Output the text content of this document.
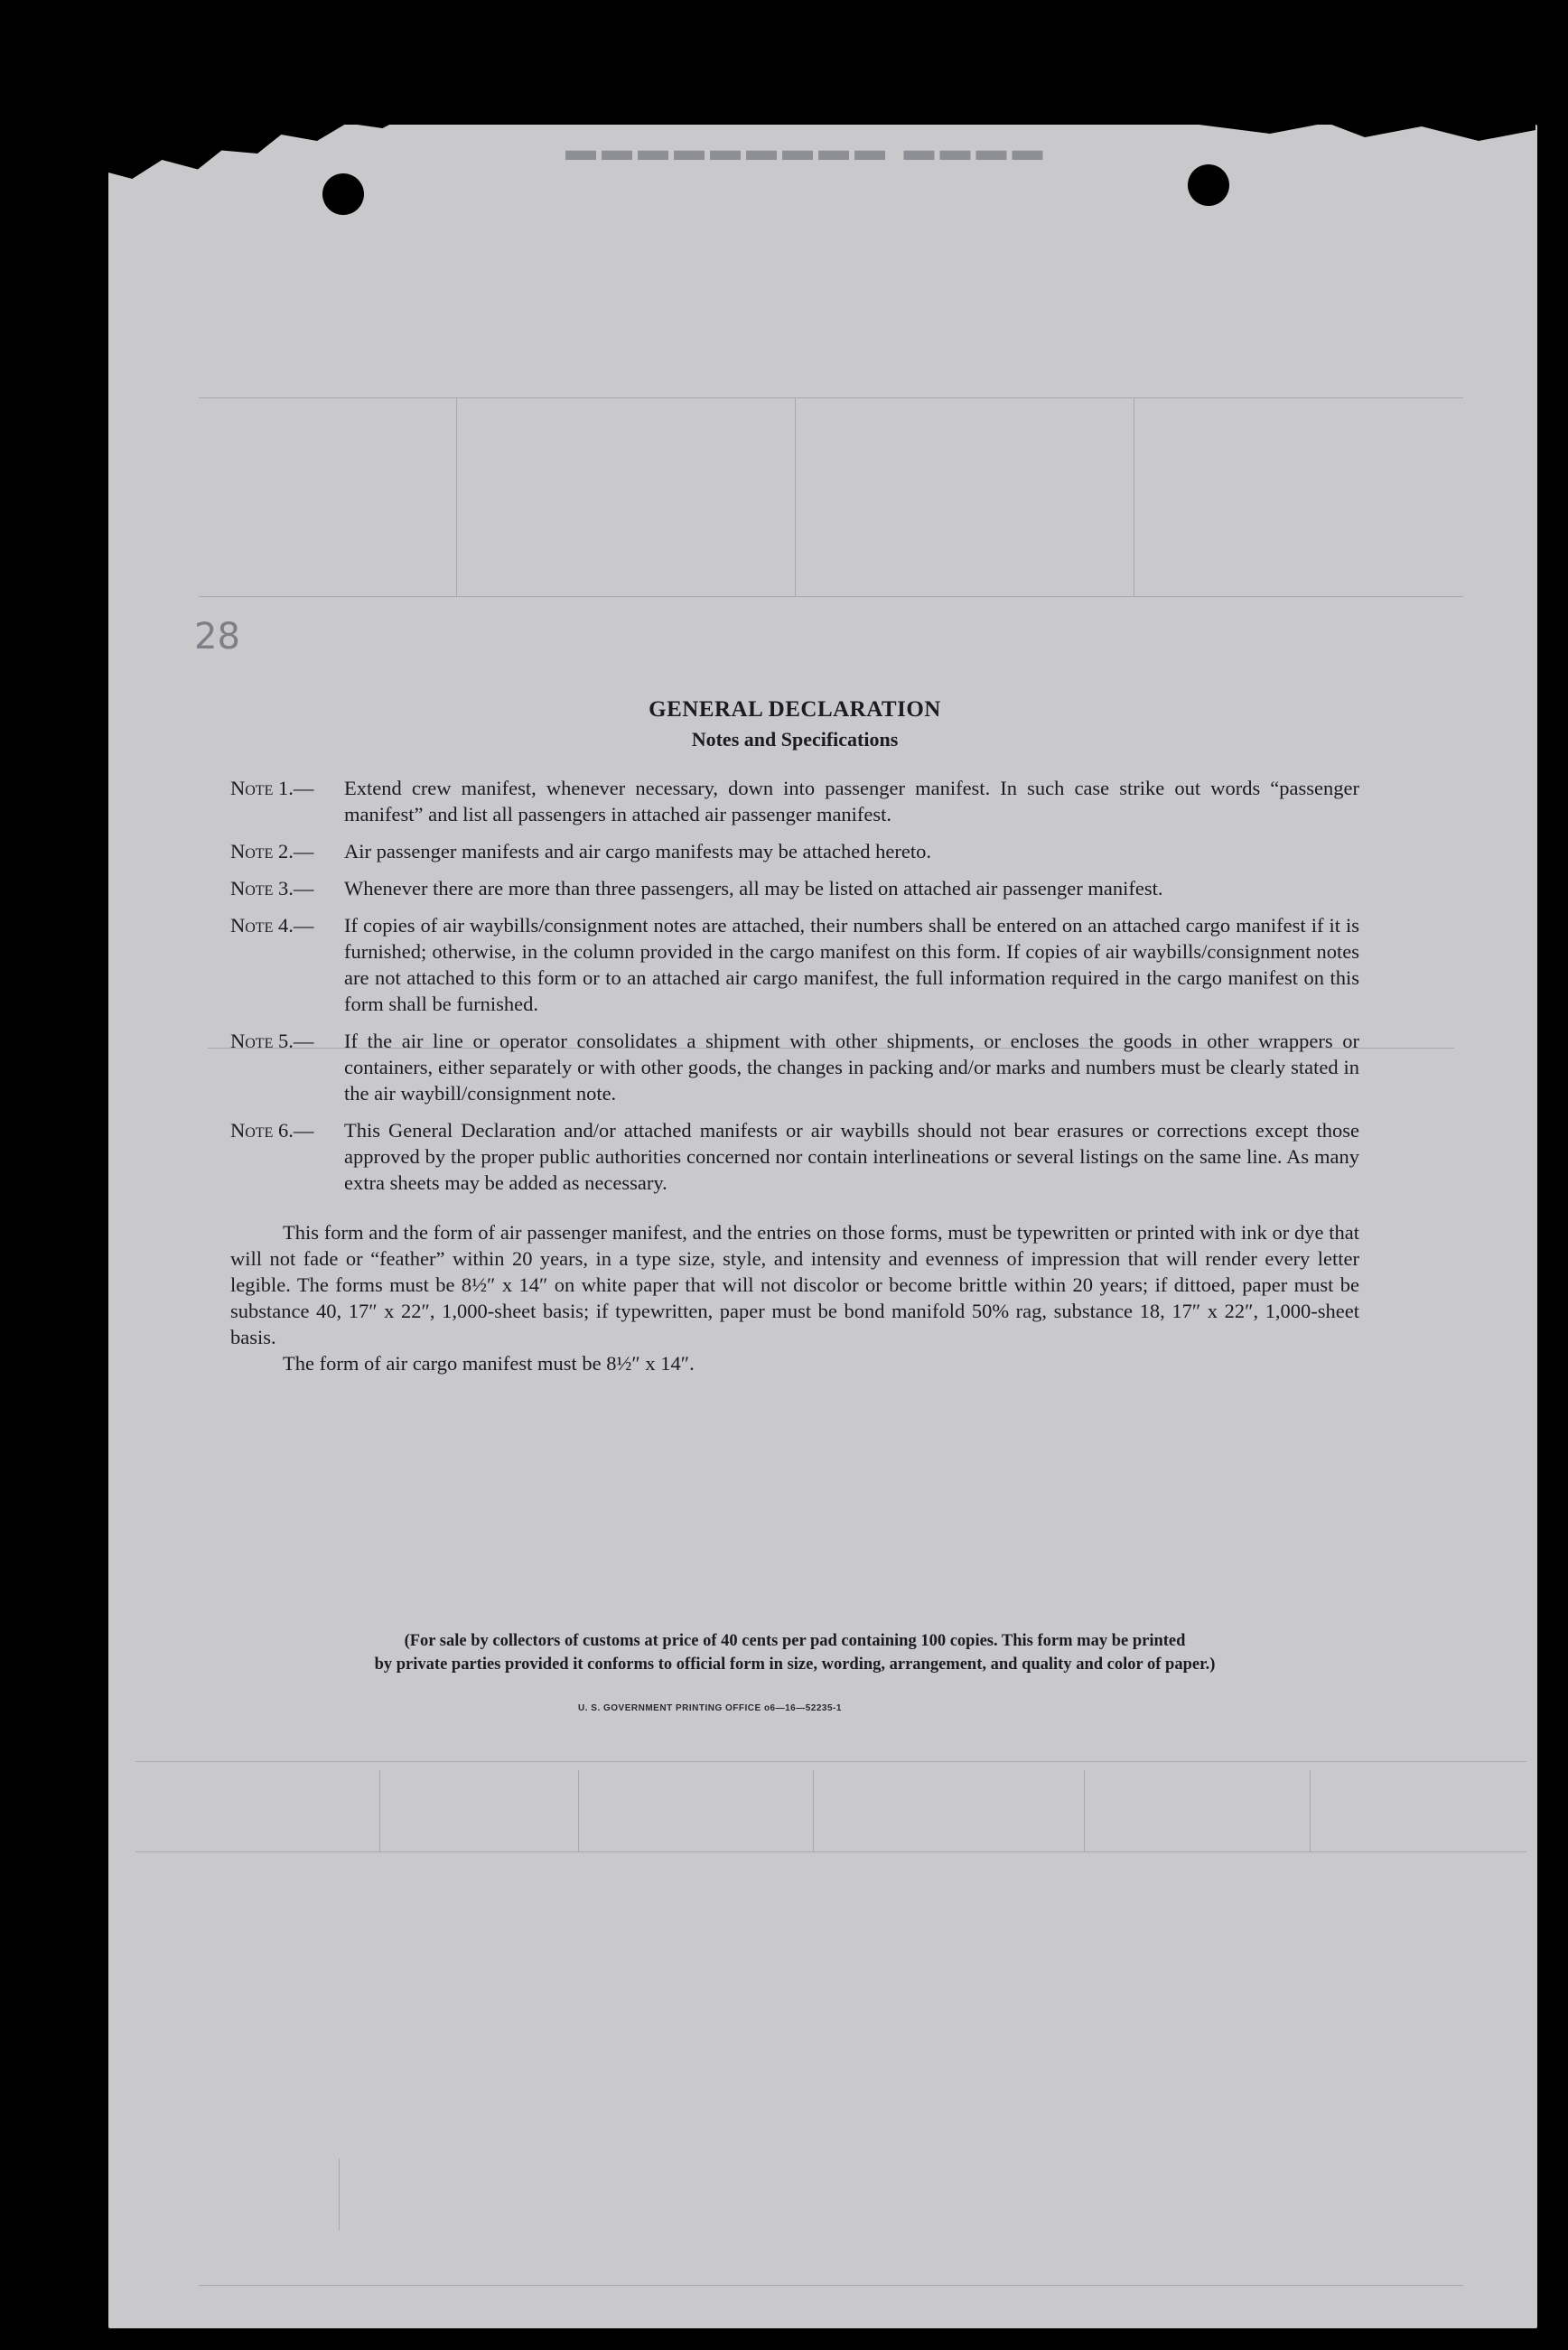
▬▬▬▬ ▬▬▬▬▬▬▬▬▬
28
GENERAL DECLARATION
Notes and Specifications
Note 1.—	Extend crew manifest, whenever necessary, down into passenger manifest. In such case strike out words “passenger manifest” and list all passengers in attached air passenger manifest.
Note 2.—	Air passenger manifests and air cargo manifests may be attached hereto.
Note 3.—	Whenever there are more than three passengers, all may be listed on attached air passenger manifest.
Note 4.—	If copies of air waybills/consignment notes are attached, their numbers shall be entered on an attached cargo manifest if it is furnished; otherwise, in the column provided in the cargo manifest on this form. If copies of air waybills/consignment notes are not attached to this form or to an attached air cargo manifest, the full information required in the cargo manifest on this form shall be furnished.
Note 5.—	If the air line or operator consolidates a shipment with other shipments, or encloses the goods in other wrappers or containers, either separately or with other goods, the changes in packing and/or marks and numbers must be clearly stated in the air waybill/consignment note.
Note 6.—	This General Declaration and/or attached manifests or air waybills should not bear erasures or corrections except those approved by the proper public authorities concerned nor contain interlineations or several listings on the same line. As many extra sheets may be added as necessary.
This form and the form of air passenger manifest, and the entries on those forms, must be typewritten or printed with ink or dye that will not fade or “feather” within 20 years, in a type size, style, and intensity and evenness of impression that will render every letter legible. The forms must be 8½″ x 14″ on white paper that will not discolor or become brittle within 20 years; if dittoed, paper must be substance 40, 17″ x 22″, 1,000-sheet basis; if typewritten, paper must be bond manifold 50% rag, substance 18, 17″ x 22″, 1,000-sheet basis.
The form of air cargo manifest must be 8½″ x 14″.
(For sale by collectors of customs at price of 40 cents per pad containing 100 copies. This form may be printed
by private parties provided it conforms to official form in size, wording, arrangement, and quality and color of paper.)
U. S. GOVERNMENT PRINTING OFFICE o6—16—52235-1
